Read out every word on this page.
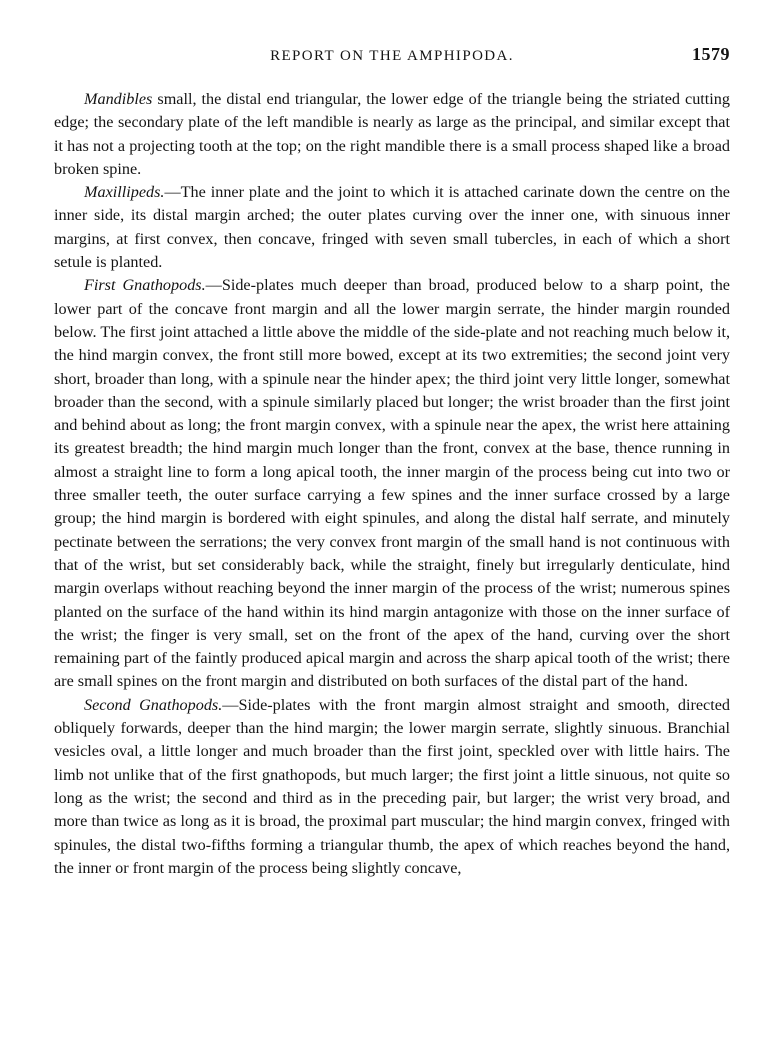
REPORT ON THE AMPHIPODA.	1579

Mandibles small, the distal end triangular, the lower edge of the triangle being the striated cutting edge; the secondary plate of the left mandible is nearly as large as the principal, and similar except that it has not a projecting tooth at the top; on the right mandible there is a small process shaped like a broad broken spine.

Maxillipeds.—The inner plate and the joint to which it is attached carinate down the centre on the inner side, its distal margin arched; the outer plates curving over the inner one, with sinuous inner margins, at first convex, then concave, fringed with seven small tubercles, in each of which a short setule is planted.

First Gnathopods.—Side-plates much deeper than broad, produced below to a sharp point, the lower part of the concave front margin and all the lower margin serrate, the hinder margin rounded below. The first joint attached a little above the middle of the side-plate and not reaching much below it, the hind margin convex, the front still more bowed, except at its two extremities; the second joint very short, broader than long, with a spinule near the hinder apex; the third joint very little longer, somewhat broader than the second, with a spinule similarly placed but longer; the wrist broader than the first joint and behind about as long; the front margin convex, with a spinule near the apex, the wrist here attaining its greatest breadth; the hind margin much longer than the front, convex at the base, thence running in almost a straight line to form a long apical tooth, the inner margin of the process being cut into two or three smaller teeth, the outer surface carrying a few spines and the inner surface crossed by a large group; the hind margin is bordered with eight spinules, and along the distal half serrate, and minutely pectinate between the serrations; the very convex front margin of the small hand is not continuous with that of the wrist, but set considerably back, while the straight, finely but irregularly denticulate, hind margin overlaps without reaching beyond the inner margin of the process of the wrist; numerous spines planted on the surface of the hand within its hind margin antagonize with those on the inner surface of the wrist; the finger is very small, set on the front of the apex of the hand, curving over the short remaining part of the faintly produced apical margin and across the sharp apical tooth of the wrist; there are small spines on the front margin and distributed on both surfaces of the distal part of the hand.

Second Gnathopods.—Side-plates with the front margin almost straight and smooth, directed obliquely forwards, deeper than the hind margin; the lower margin serrate, slightly sinuous. Branchial vesicles oval, a little longer and much broader than the first joint, speckled over with little hairs. The limb not unlike that of the first gnathopods, but much larger; the first joint a little sinuous, not quite so long as the wrist; the second and third as in the preceding pair, but larger; the wrist very broad, and more than twice as long as it is broad, the proximal part muscular; the hind margin convex, fringed with spinules, the distal two-fifths forming a triangular thumb, the apex of which reaches beyond the hand, the inner or front margin of the process being slightly concave,
